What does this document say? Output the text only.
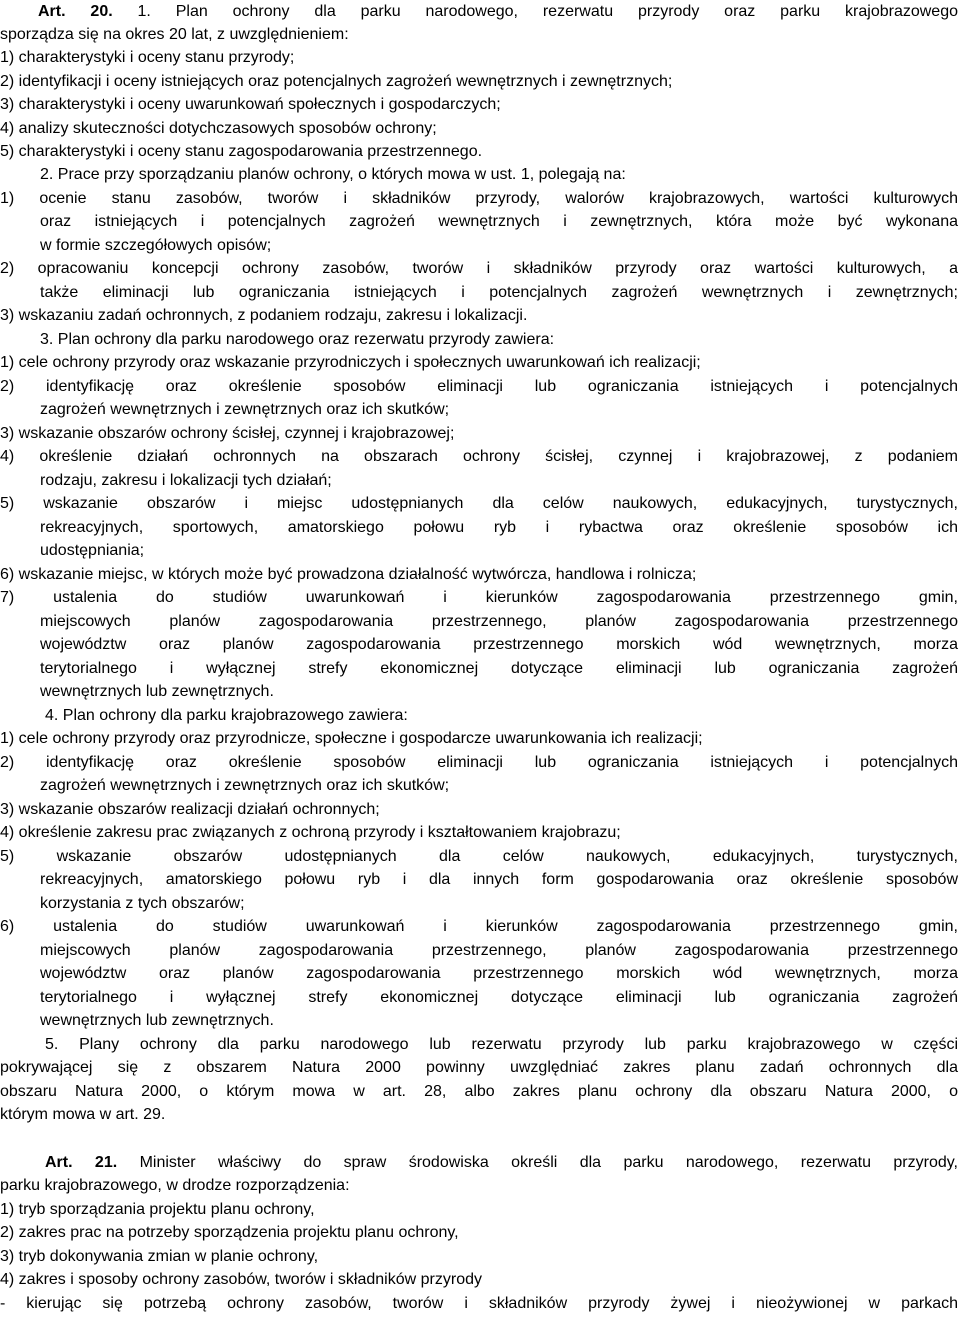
Art. 20. 1. Plan ochrony dla parku narodowego, rezerwatu przyrody oraz parku krajobrazowego
sporządza się na okres 20 lat, z uwzględnieniem:
1) charakterystyki i oceny stanu przyrody;
2) identyfikacji i oceny istniejących oraz potencjalnych zagrożeń wewnętrznych i zewnętrznych;
3) charakterystyki i oceny uwarunkowań społecznych i gospodarczych;
4) analizy skuteczności dotychczasowych sposobów ochrony;
5) charakterystyki i oceny stanu zagospodarowania przestrzennego.
2. Prace przy sporządzaniu planów ochrony, o których mowa w ust. 1, polegają na:
1) ocenie stanu zasobów, tworów i składników przyrody, walorów krajobrazowych, wartości kulturowych
oraz istniejących i potencjalnych zagrożeń wewnętrznych i zewnętrznych, która może być wykonana
w formie szczegółowych opisów;
2) opracowaniu koncepcji ochrony zasobów, tworów i składników przyrody oraz wartości kulturowych, a
także eliminacji lub ograniczania istniejących i potencjalnych zagrożeń wewnętrznych i zewnętrznych;
3) wskazaniu zadań ochronnych, z podaniem rodzaju, zakresu i lokalizacji.
3. Plan ochrony dla parku narodowego oraz rezerwatu przyrody zawiera:
1) cele ochrony przyrody oraz wskazanie przyrodniczych i społecznych uwarunkowań ich realizacji;
2) identyfikację oraz określenie sposobów eliminacji lub ograniczania istniejących i potencjalnych
zagrożeń wewnętrznych i zewnętrznych oraz ich skutków;
3) wskazanie obszarów ochrony ścisłej, czynnej i krajobrazowej;
4) określenie działań ochronnych na obszarach ochrony ścisłej, czynnej i krajobrazowej, z podaniem
rodzaju, zakresu i lokalizacji tych działań;
5) wskazanie obszarów i miejsc udostępnianych dla celów naukowych, edukacyjnych, turystycznych,
rekreacyjnych, sportowych, amatorskiego połowu ryb i rybactwa oraz określenie sposobów ich
udostępniania;
6) wskazanie miejsc, w których może być prowadzona działalność wytwórcza, handlowa i rolnicza;
7) ustalenia do studiów uwarunkowań i kierunków zagospodarowania przestrzennego gmin,
miejscowych planów zagospodarowania przestrzennego, planów zagospodarowania przestrzennego
województw oraz planów zagospodarowania przestrzennego morskich wód wewnętrznych, morza
terytorialnego i wyłącznej strefy ekonomicznej dotyczące eliminacji lub ograniczania zagrożeń
wewnętrznych lub zewnętrznych.
4. Plan ochrony dla parku krajobrazowego zawiera:
1) cele ochrony przyrody oraz przyrodnicze, społeczne i gospodarcze uwarunkowania ich realizacji;
2) identyfikację oraz określenie sposobów eliminacji lub ograniczania istniejących i potencjalnych
zagrożeń wewnętrznych i zewnętrznych oraz ich skutków;
3) wskazanie obszarów realizacji działań ochronnych;
4) określenie zakresu prac związanych z ochroną przyrody i kształtowaniem krajobrazu;
5) wskazanie obszarów udostępnianych dla celów naukowych, edukacyjnych, turystycznych,
rekreacyjnych, amatorskiego połowu ryb i dla innych form gospodarowania oraz określenie sposobów
korzystania z tych obszarów;
6) ustalenia do studiów uwarunkowań i kierunków zagospodarowania przestrzennego gmin,
miejscowych planów zagospodarowania przestrzennego, planów zagospodarowania przestrzennego
województw oraz planów zagospodarowania przestrzennego morskich wód wewnętrznych, morza
terytorialnego i wyłącznej strefy ekonomicznej dotyczące eliminacji lub ograniczania zagrożeń
wewnętrznych lub zewnętrznych.
5. Plany ochrony dla parku narodowego lub rezerwatu przyrody lub parku krajobrazowego w części
pokrywającej się z obszarem Natura 2000 powinny uwzględniać zakres planu zadań ochronnych dla
obszaru Natura 2000, o którym mowa w art. 28, albo zakres planu ochrony dla obszaru Natura 2000, o
którym mowa w art. 29.
Art. 21. Minister właściwy do spraw środowiska określi dla parku narodowego, rezerwatu przyrody,
parku krajobrazowego, w drodze rozporządzenia:
1) tryb sporządzania projektu planu ochrony,
2) zakres prac na potrzeby sporządzenia projektu planu ochrony,
3) tryb dokonywania zmian w planie ochrony,
4) zakres i sposoby ochrony zasobów, tworów i składników przyrody
- kierując się potrzebą ochrony zasobów, tworów i składników przyrody żywej i nieożywionej w parkach
